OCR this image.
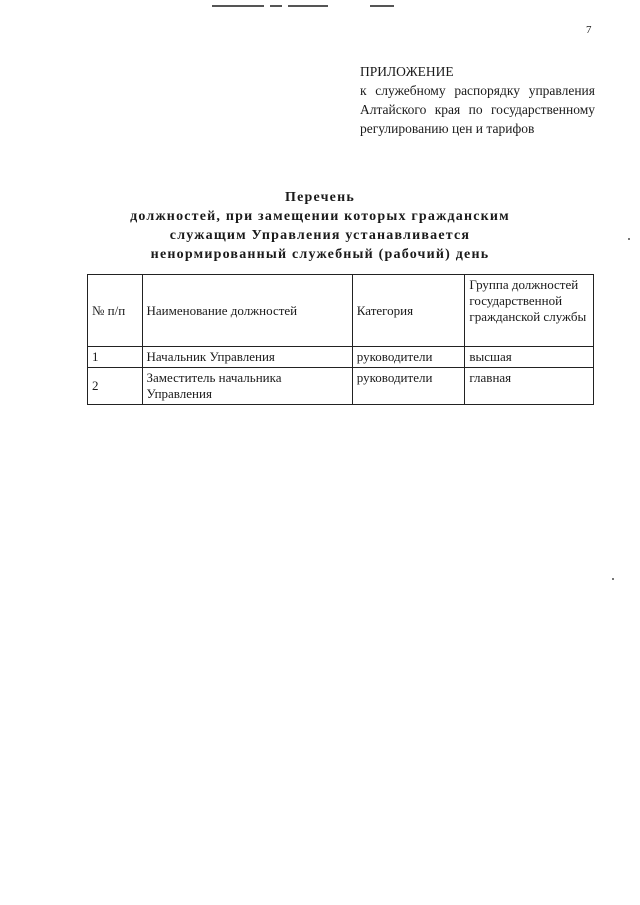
7
ПРИЛОЖЕНИЕ
к служебному распорядку управления Алтайского края по государственному регулированию цен и тарифов
Перечень
должностей, при замещении которых гражданским
служащим Управления устанавливается
ненормированный служебный (рабочий) день
№ п/п	Наименование должностей	Категория	Группа должностей государственной гражданской службы
1	Начальник Управления	руководители	высшая
2	Заместитель начальника Управления	руководители	главная
